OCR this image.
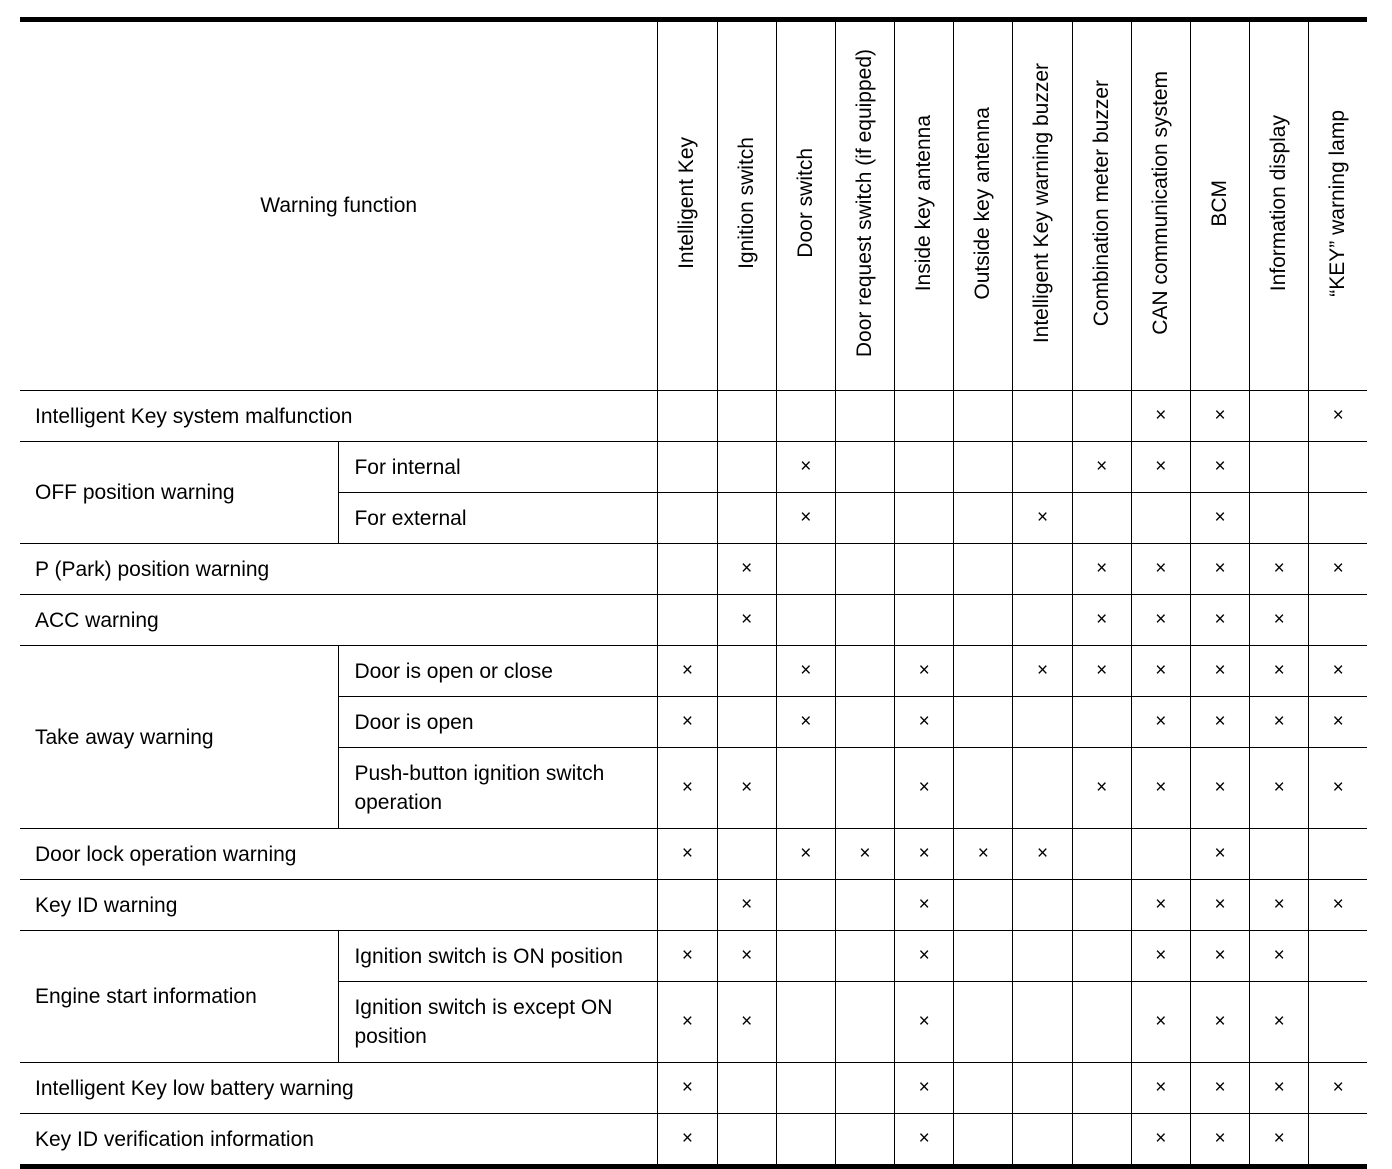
Warning function		Intelligent Key	Ignition switch	Door switch	Door request switch (if equipped)	Inside key antenna	Outside key antenna	Intelligent Key warning buzzer	Combination meter buzzer	CAN communication system	BCM	Information display	“KEY” warning lamp
Intelligent Key system malfunction										×	×		×
OFF position warning	For internal			×					×	×	×		
	For external			×				×			×		
P (Park) position warning			×						×	×	×	×	×
ACC warning			×						×	×	×	×	
Take away warning	Door is open or close	×		×		×		×	×	×	×	×	×
	Door is open	×		×		×				×	×	×	×
	Push-button ignition switch operation	×	×			×			×	×	×	×	×
Door lock operation warning		×		×	×	×	×	×			×		
Key ID warning			×			×				×	×	×	×
Engine start information	Ignition switch is ON position	×	×			×				×	×	×	
	Ignition switch is except ON position	×	×			×				×	×	×	
Intelligent Key low battery warning		×				×				×	×	×	×
Key ID verification information		×				×				×	×	×	
